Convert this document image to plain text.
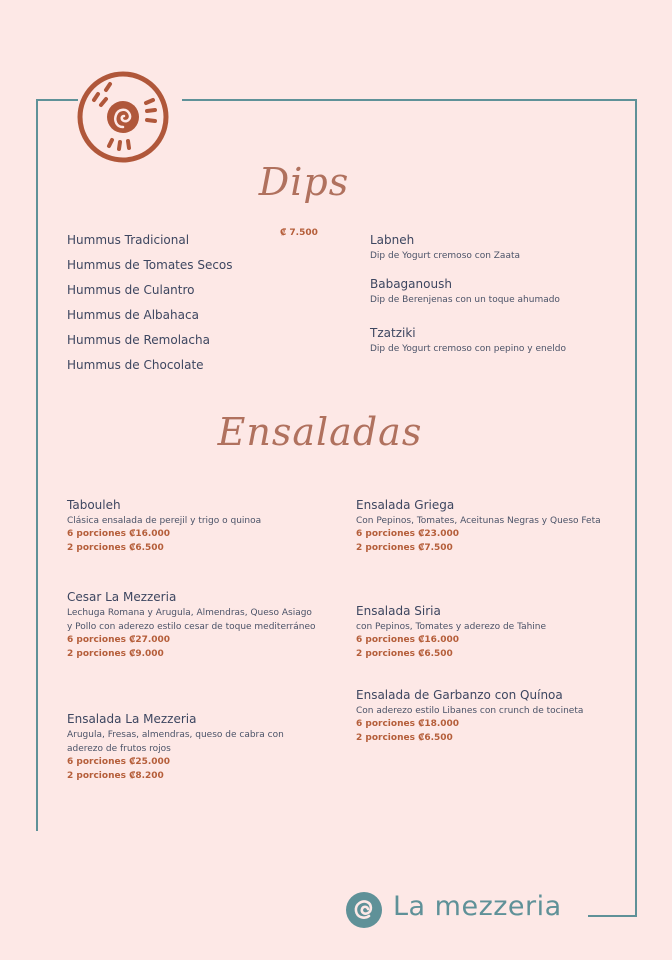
Dips
₡ 7.500
Hummus Tradicional
Hummus de Tomates Secos
Hummus de Culantro
Hummus de Albahaca
Hummus de Remolacha
Hummus de Chocolate
Labneh
Dip de Yogurt cremoso con Zaata
Babaganoush
Dip de Berenjenas con un toque ahumado
Tzatziki
Dip de Yogurt cremoso con pepino y eneldo
Ensaladas
Tabouleh
Clásica ensalada de perejil y trigo o quinoa
6 porciones ₡16.000
2 porciones ₡6.500
Cesar La Mezzeria
Lechuga Romana y Arugula, Almendras, Queso Asiago y Pollo con aderezo estilo cesar de toque mediterráneo
6 porciones ₡27.000
2 porciones ₡9.000
Ensalada La Mezzeria
Arugula, Fresas, almendras, queso de cabra con aderezo de frutos rojos
6 porciones ₡25.000
2 porciones ₡8.200
Ensalada Griega
Con Pepinos, Tomates, Aceitunas Negras y Queso Feta
6 porciones ₡23.000
2 porciones ₡7.500
Ensalada Siria
con Pepinos, Tomates y aderezo de Tahine
6 porciones ₡16.000
2 porciones ₡6.500
Ensalada de Garbanzo con Quínoa
Con aderezo estilo Libanes con crunch de tocineta
6 porciones ₡18.000
2 porciones ₡6.500
La mezzeria
